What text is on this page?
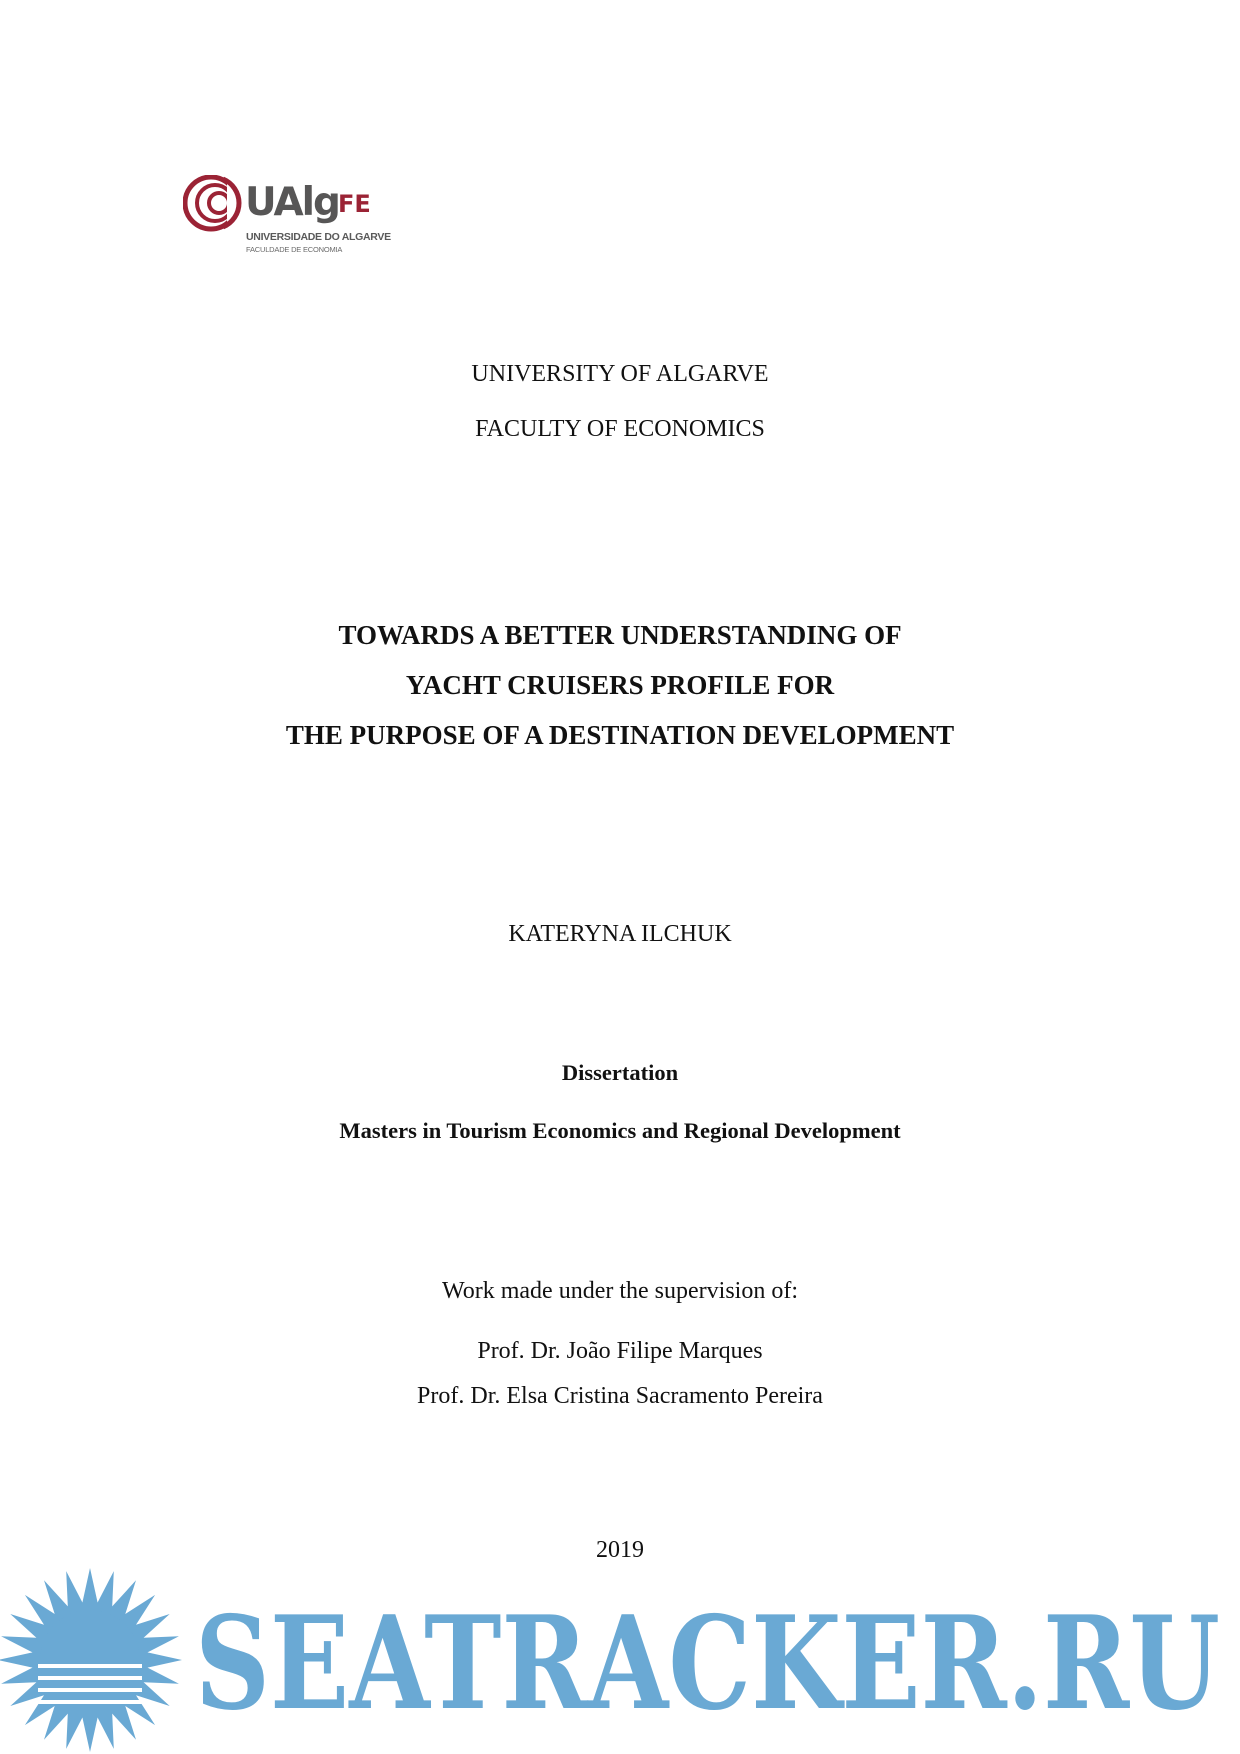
UAlg FE
UNIVERSIDADE DO ALGARVE
FACULDADE DE ECONOMIA
UNIVERSITY OF ALGARVE
FACULTY OF ECONOMICS
TOWARDS A BETTER UNDERSTANDING OF
YACHT CRUISERS PROFILE FOR
THE PURPOSE OF A DESTINATION DEVELOPMENT
KATERYNA ILCHUK
Dissertation
Masters in Tourism Economics and Regional Development
Work made under the supervision of:
Prof. Dr. João Filipe Marques
Prof. Dr. Elsa Cristina Sacramento Pereira
2019
SEATRACKER.RU
